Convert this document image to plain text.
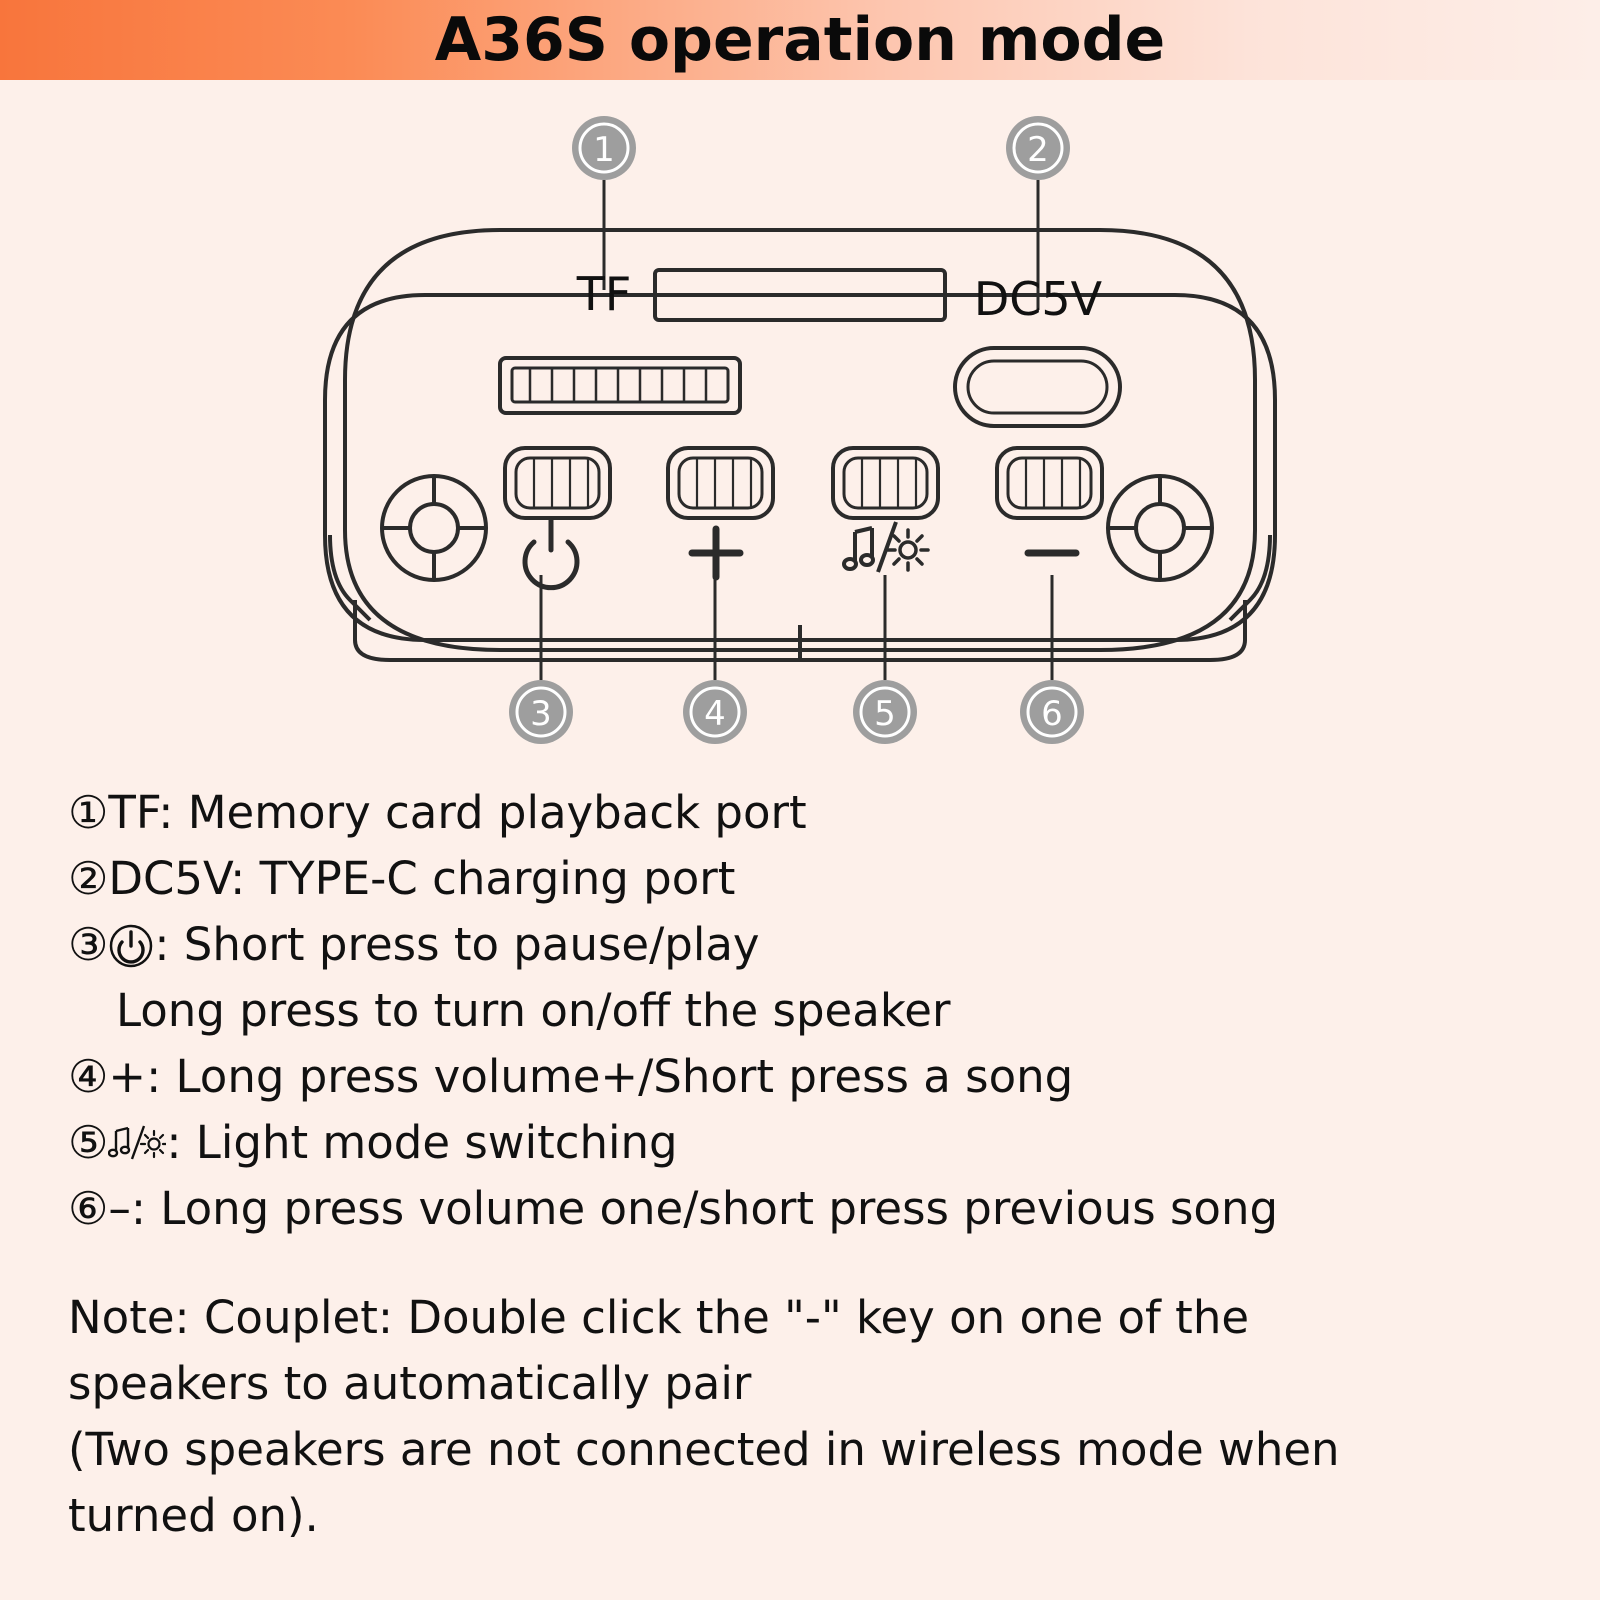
A36S operation mode
TF	DC5V
1	2
3	4	5	6
①TF: Memory card playback port
②DC5V: TYPE-C charging port
③ : Short press to pause/play
Long press to turn on/off the speaker
④+: Long press volume+/Short press a song
⑤ : Light mode switching
⑥–: Long press volume one/short press previous song
Note: Couplet: Double click the "-" key on one of the
speakers to automatically pair
(Two speakers are not connected in wireless mode when
turned on).
